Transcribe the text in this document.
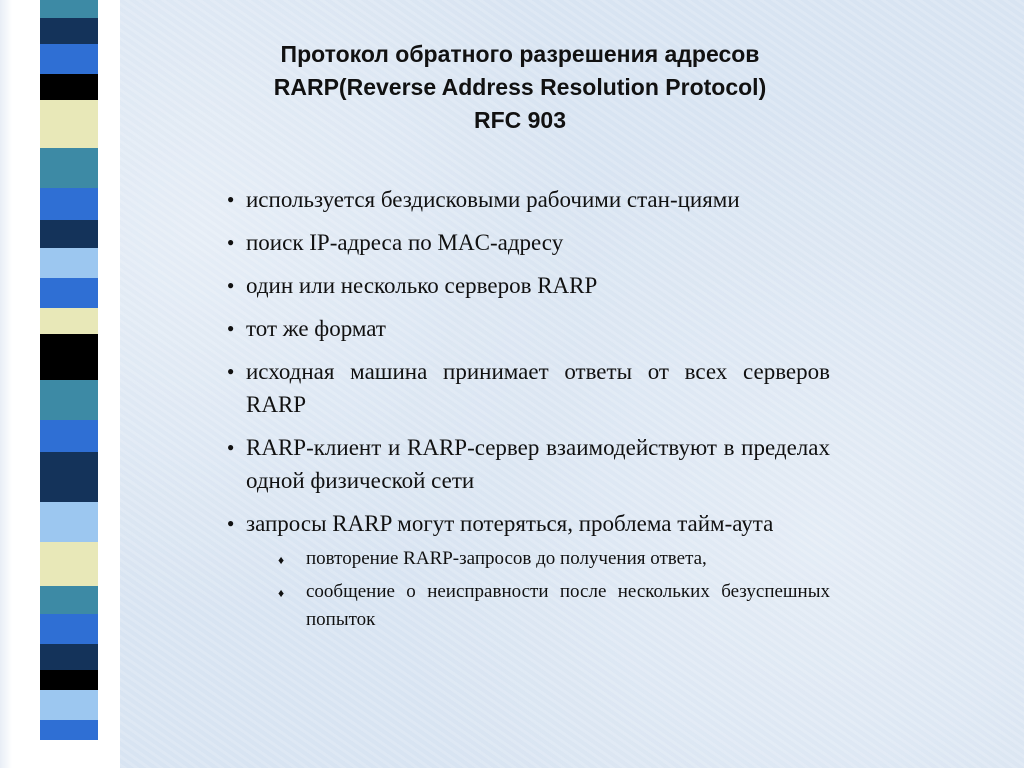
Протокол обратного разрешения адресов
RARP(Reverse Address Resolution Protocol)
RFC 903
● используется бездисковыми рабочими стан-циями
● поиск IP-адреса по MAC-адресу
● один или несколько серверов RARP
● тот же формат
● исходная машина принимает ответы от всех серверов RARP
● RARP-клиент и RARP-сервер взаимодействуют в пределах одной физической сети
● запросы RARP могут потеряться, проблема тайм-аута
♦ повторение RARP-запросов до получения ответа,
♦ сообщение о неисправности после нескольких безуспешных попыток
